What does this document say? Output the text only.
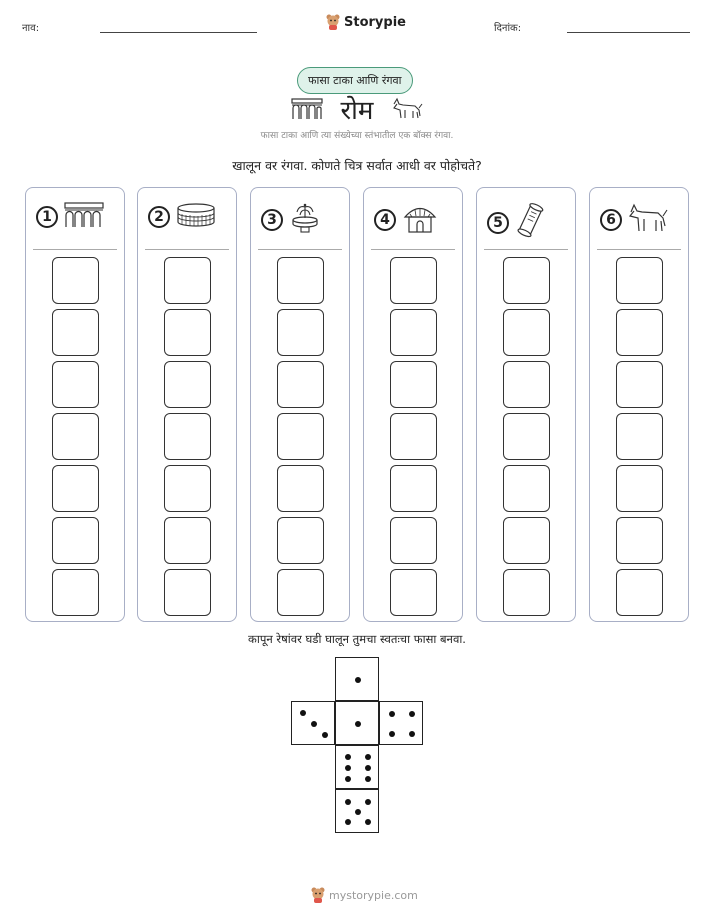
नाव:	Storypie	दिनांक:
फासा टाका आणि रंगवा
रोम
फासा टाका आणि त्या संख्येच्या स्तंभातील एक बॉक्स रंगवा.
खालून वर रंगवा. कोणते चित्र सर्वात आधी वर पोहोचते?
1	2	3	4	5	6
कापून रेषांवर घडी घालून तुमचा स्वतःचा फासा बनवा.
mystorypie.com
